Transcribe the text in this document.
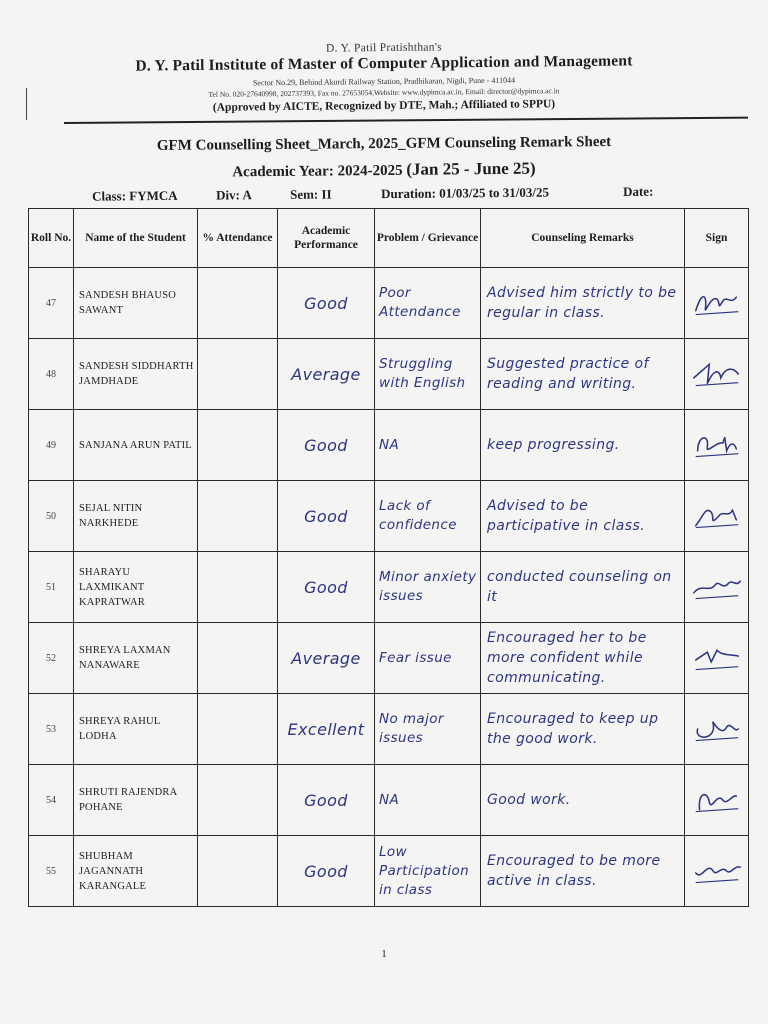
D. Y. Patil Pratishthan's
D. Y. Patil Institute of Master of Computer Application and Management
Sector No.29, Behind Akurdi Railway Station, Pradhikaran, Nigdi, Pune - 411044
Tel No. 020-27640998, 202737393, Fax no. 27653054,Website: www.dypimca.ac.in, Email: director@dypimca.ac.in
(Approved by AICTE, Recognized by DTE, Mah.; Affiliated to SPPU)
GFM Counselling Sheet_March, 2025_GFM Counseling Remark Sheet
Academic Year: 2024-2025 (Jan 25 - June 25)
Class: FYMCA	Div: A	Sem: II	Duration: 01/03/25 to 31/03/25	Date:
Roll No.	Name of the Student	% Attendance	Academic Performance	Problem / Grievance	Counseling Remarks	Sign
47	SANDESH BHAUSO SAWANT		Good	Poor Attendance	Advised him strictly to be regular in class.	

48	SANDESH SIDDHARTH JAMDHADE		Average	Struggling with English	Suggested practice of reading and writing.	

49	SANJANA ARUN PATIL		Good	NA	keep progressing.	

50	SEJAL NITIN NARKHEDE		Good	Lack of confidence	Advised to be participative in class.	

51	SHARAYU LAXMIKANT KAPRATWAR		Good	Minor anxiety issues	conducted counseling on it	

52	SHREYA LAXMAN NANAWARE		Average	Fear issue	Encouraged her to be more confident while communicating.	

53	SHREYA RAHUL LODHA		Excellent	No major issues	Encouraged to keep up the good work.	

54	SHRUTI RAJENDRA POHANE		Good	NA	Good work.	

55	SHUBHAM JAGANNATH KARANGALE		Good	Low Participation in class	Encouraged to be more active in class.	
1
